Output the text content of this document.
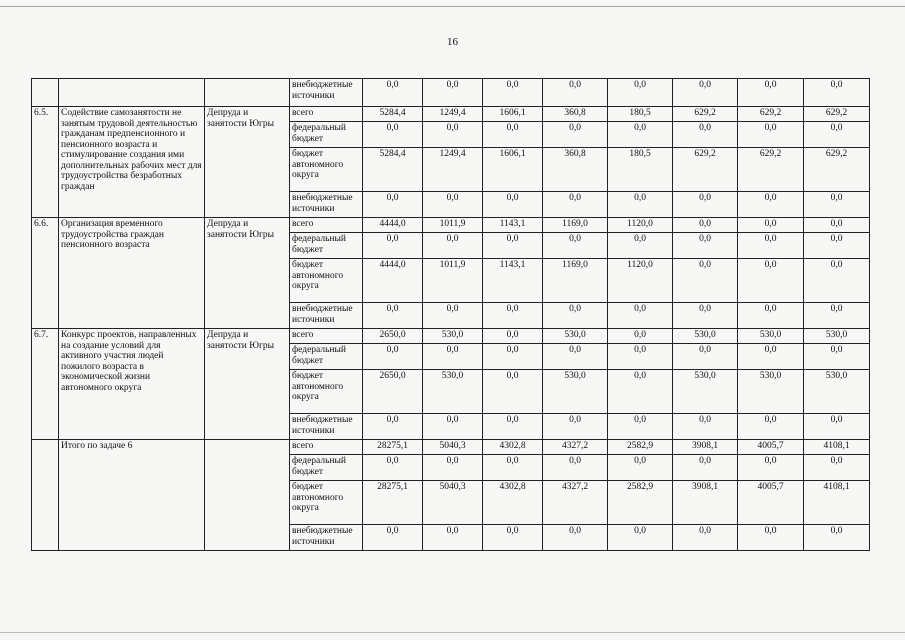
16
			внебюджетные источники	0,0	0,0	0,0	0,0	0,0	0,0	0,0	0,0
6.5.	Содействие самозанятости не занятым трудовой деятельностью гражданам предпенсионного и пенсионного возраста и стимулирование создания ими дополнительных рабочих мест для трудоустройства безработных граждан	Депруда и занятости Югры	всего	5284,4	1249,4	1606,1	360,8	180,5	629,2	629,2	629,2
			федеральный бюджет	0,0	0,0	0,0	0,0	0,0	0,0	0,0	0,0
			бюджет автономного округа	5284,4	1249,4	1606,1	360,8	180,5	629,2	629,2	629,2
			внебюджетные источники	0,0	0,0	0,0	0,0	0,0	0,0	0,0	0,0
6.6.	Организация временного трудоустройства граждан пенсионного возраста	Депруда и занятости Югры	всего	4444,0	1011,9	1143,1	1169,0	1120,0	0,0	0,0	0,0
			федеральный бюджет	0,0	0,0	0,0	0,0	0,0	0,0	0,0	0,0
			бюджет автономного округа	4444,0	1011,9	1143,1	1169,0	1120,0	0,0	0,0	0,0
			внебюджетные источники	0,0	0,0	0,0	0,0	0,0	0,0	0,0	0,0
6.7.	Конкурс проектов, направленных на создание условий для активного участия людей пожилого возраста в экономической жизни автономного округа	Депруда и занятости Югры	всего	2650,0	530,0	0,0	530,0	0,0	530,0	530,0	530,0
			федеральный бюджет	0,0	0,0	0,0	0,0	0,0	0,0	0,0	0,0
			бюджет автономного округа	2650,0	530,0	0,0	530,0	0,0	530,0	530,0	530,0
			внебюджетные источники	0,0	0,0	0,0	0,0	0,0	0,0	0,0	0,0
	Итого по задаче 6		всего	28275,1	5040,3	4302,8	4327,2	2582,9	3908,1	4005,7	4108,1
			федеральный бюджет	0,0	0,0	0,0	0,0	0,0	0,0	0,0	0,0
			бюджет автономного округа	28275,1	5040,3	4302,8	4327,2	2582,9	3908,1	4005,7	4108,1
			внебюджетные источники	0,0	0,0	0,0	0,0	0,0	0,0	0,0	0,0
